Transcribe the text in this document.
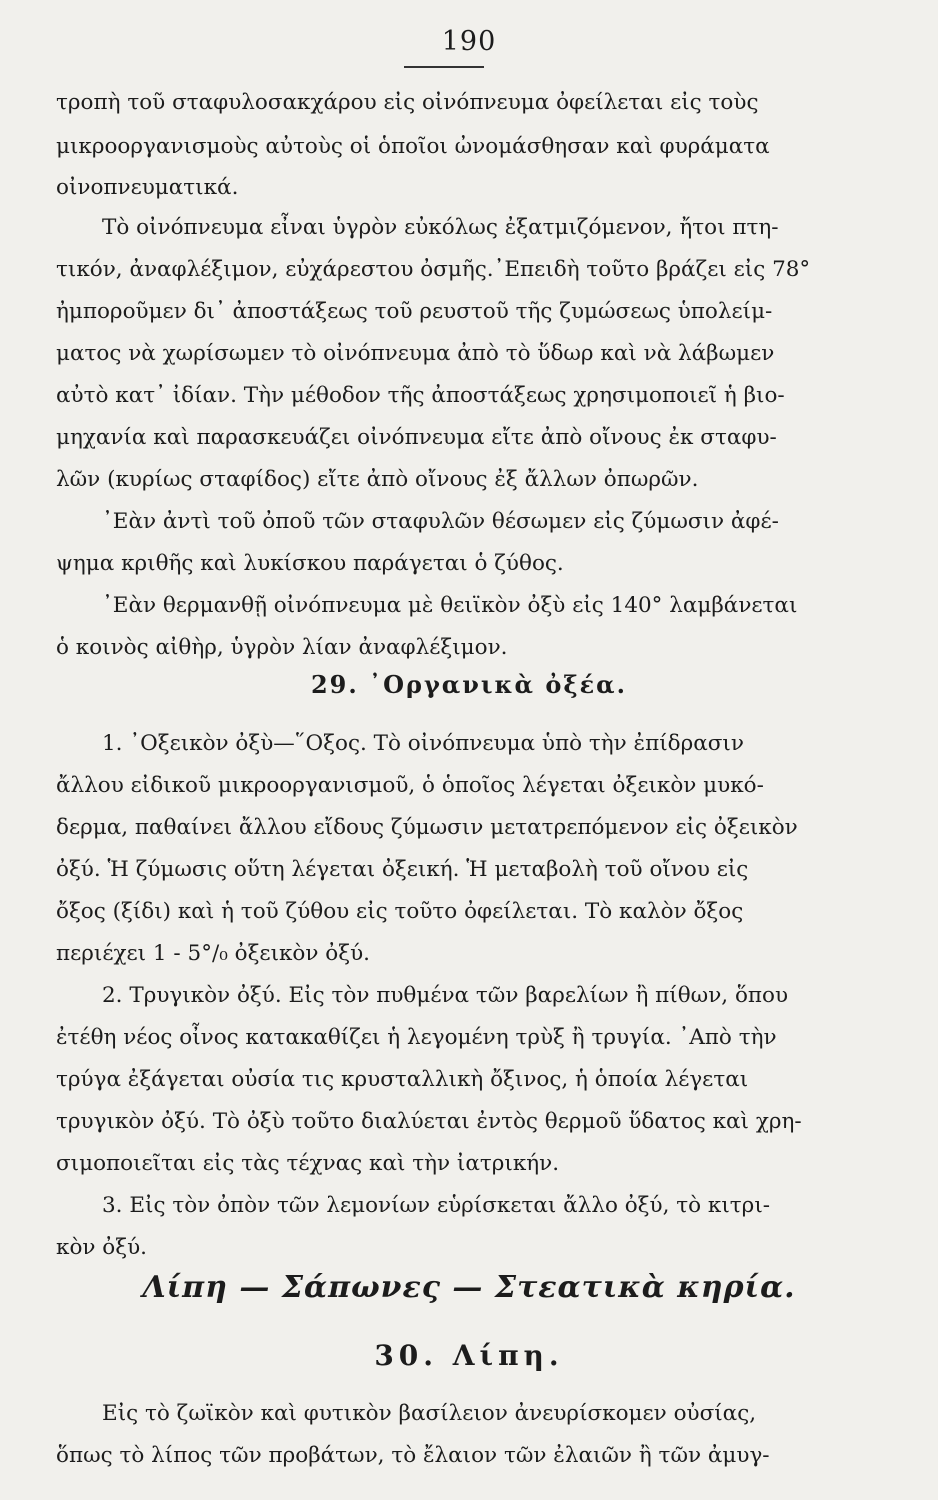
190
τροπὴ τοῦ σταφυλοσακχάρου εἰς οἰνόπνευμα ὀφείλεται εἰς τοὺς
μικροοργανισμοὺς αὐτοὺς οἱ ὁποῖοι ὠνομάσθησαν καὶ φυράματα
οἰνοπνευματικά.
Τὸ οἰνόπνευμα εἶναι ὑγρὸν εὐκόλως ἐξατμιζόμενον, ἤτοι πτη-
τικόν, ἀναφλέξιμον, εὐχάρεστου ὀσμῆς.᾿Επειδὴ τοῦτο βράζει εἰς 78°
ἠμποροῦμεν δι᾿ ἀποστάξεως τοῦ ρευστοῦ τῆς ζυμώσεως ὑπολείμ-
ματος νὰ χωρίσωμεν τὸ οἰνόπνευμα ἀπὸ τὸ ὕδωρ καὶ νὰ λάβωμεν
αὐτὸ κατ᾿ ἰδίαν. Τὴν μέθοδον τῆς ἀποστάξεως χρησιμοποιεῖ ἡ βιο-
μηχανία καὶ παρασκευάζει οἰνόπνευμα εἴτε ἀπὸ οἴνους ἐκ σταφυ-
λῶν (κυρίως σταφίδος) εἴτε ἀπὸ οἴνους ἐξ ἄλλων ὀπωρῶν.
᾿Εὰν ἀντὶ τοῦ ὀποῦ τῶν σταφυλῶν θέσωμεν εἰς ζύμωσιν ἀφέ-
ψημα κριθῆς καὶ λυκίσκου παράγεται ὁ ζύθος.
᾿Εὰν θερμανθῇ οἰνόπνευμα μὲ θειϊκὸν ὀξὺ εἰς 140° λαμβάνεται
ὁ κοινὸς αἰθὴρ, ὑγρὸν λίαν ἀναφλέξιμον.
29. ᾿Οργανικὰ ὀξέα.
1. ᾿Οξεικὸν ὀξὺ—῞Οξος. Τὸ οἰνόπνευμα ὑπὸ τὴν ἐπίδρασιν
ἄλλου εἰδικοῦ μικροοργανισμοῦ, ὁ ὁποῖος λέγεται ὀξεικὸν μυκό-
δερμα, παθαίνει ἄλλου εἴδους ζύμωσιν μετατρεπόμενον εἰς ὀξεικὸν
ὀξύ. Ἡ ζύμωσις οὕτη λέγεται ὀξεική. Ἡ μεταβολὴ τοῦ οἴνου εἰς
ὄξος (ξίδι) καὶ ἡ τοῦ ζύθου εἰς τοῦτο ὀφείλεται. Τὸ καλὸν ὄξος
περιέχει 1 - 5°/₀ ὀξεικὸν ὀξύ.
2. Τρυγικὸν ὀξύ. Εἰς τὸν πυθμένα τῶν βαρελίων ἢ πίθων, ὅπου
ἐτέθη νέος οἶνος κατακαθίζει ἡ λεγομένη τρὺξ ἢ τρυγία. ᾿Απὸ τὴν
τρύγα ἐξάγεται οὐσία τις κρυσταλλικὴ ὄξινος, ἡ ὁποία λέγεται
τρυγικὸν ὀξύ. Τὸ ὀξὺ τοῦτο διαλύεται ἐντὸς θερμοῦ ὕδατος καὶ χρη-
σιμοποιεῖται εἰς τὰς τέχνας καὶ τὴν ἰατρικήν.
3. Εἰς τὸν ὀπὸν τῶν λεμονίων εὑρίσκεται ἄλλο ὀξύ, τὸ κιτρι-
κὸν ὀξύ.
Λίπη — Σάπωνες — Στεατικὰ κηρία.
30. Λίπη.
Εἰς τὸ ζωϊκὸν καὶ φυτικὸν βασίλειον ἀνευρίσκομεν οὐσίας,
ὅπως τὸ λίπος τῶν προβάτων, τὸ ἔλαιον τῶν ἐλαιῶν ἢ τῶν ἀμυγ-
